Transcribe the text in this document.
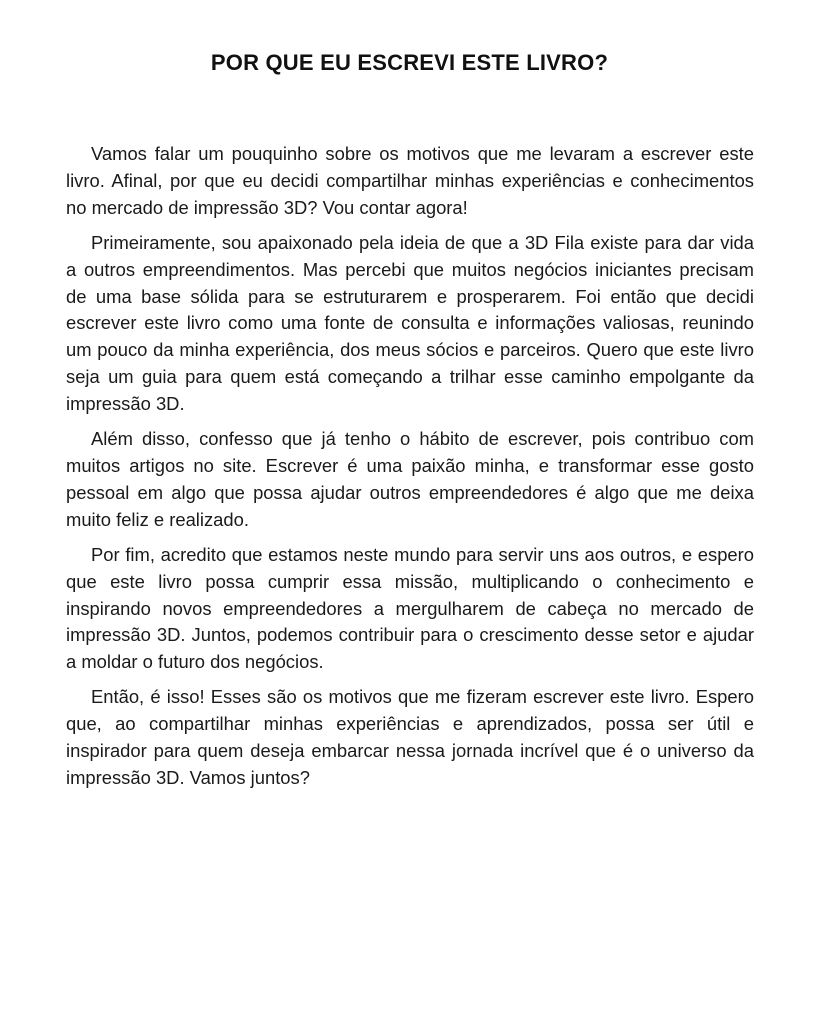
POR QUE EU ESCREVI ESTE LIVRO?

Vamos falar um pouquinho sobre os motivos que me levaram a escrever este livro. Afinal, por que eu decidi compartilhar minhas experiências e conhecimentos no mercado de impressão 3D? Vou contar agora!

Primeiramente, sou apaixonado pela ideia de que a 3D Fila existe para dar vida a outros empreendimentos. Mas percebi que muitos negócios iniciantes precisam de uma base sólida para se estruturarem e prosperarem. Foi então que decidi escrever este livro como uma fonte de consulta e informações valiosas, reunindo um pouco da minha experiência, dos meus sócios e parceiros. Quero que este livro seja um guia para quem está começando a trilhar esse caminho empolgante da impressão 3D.

Além disso, confesso que já tenho o hábito de escrever, pois contribuo com muitos artigos no site. Escrever é uma paixão minha, e transformar esse gosto pessoal em algo que possa ajudar outros empreendedores é algo que me deixa muito feliz e realizado.

Por fim, acredito que estamos neste mundo para servir uns aos outros, e espero que este livro possa cumprir essa missão, multiplicando o conhecimento e inspirando novos empreendedores a mergulharem de cabeça no mercado de impressão 3D. Juntos, podemos contribuir para o crescimento desse setor e ajudar a moldar o futuro dos negócios.

Então, é isso! Esses são os motivos que me fizeram escrever este livro. Espero que, ao compartilhar minhas experiências e aprendizados, possa ser útil e inspirador para quem deseja embarcar nessa jornada incrível que é o universo da impressão 3D. Vamos juntos?
